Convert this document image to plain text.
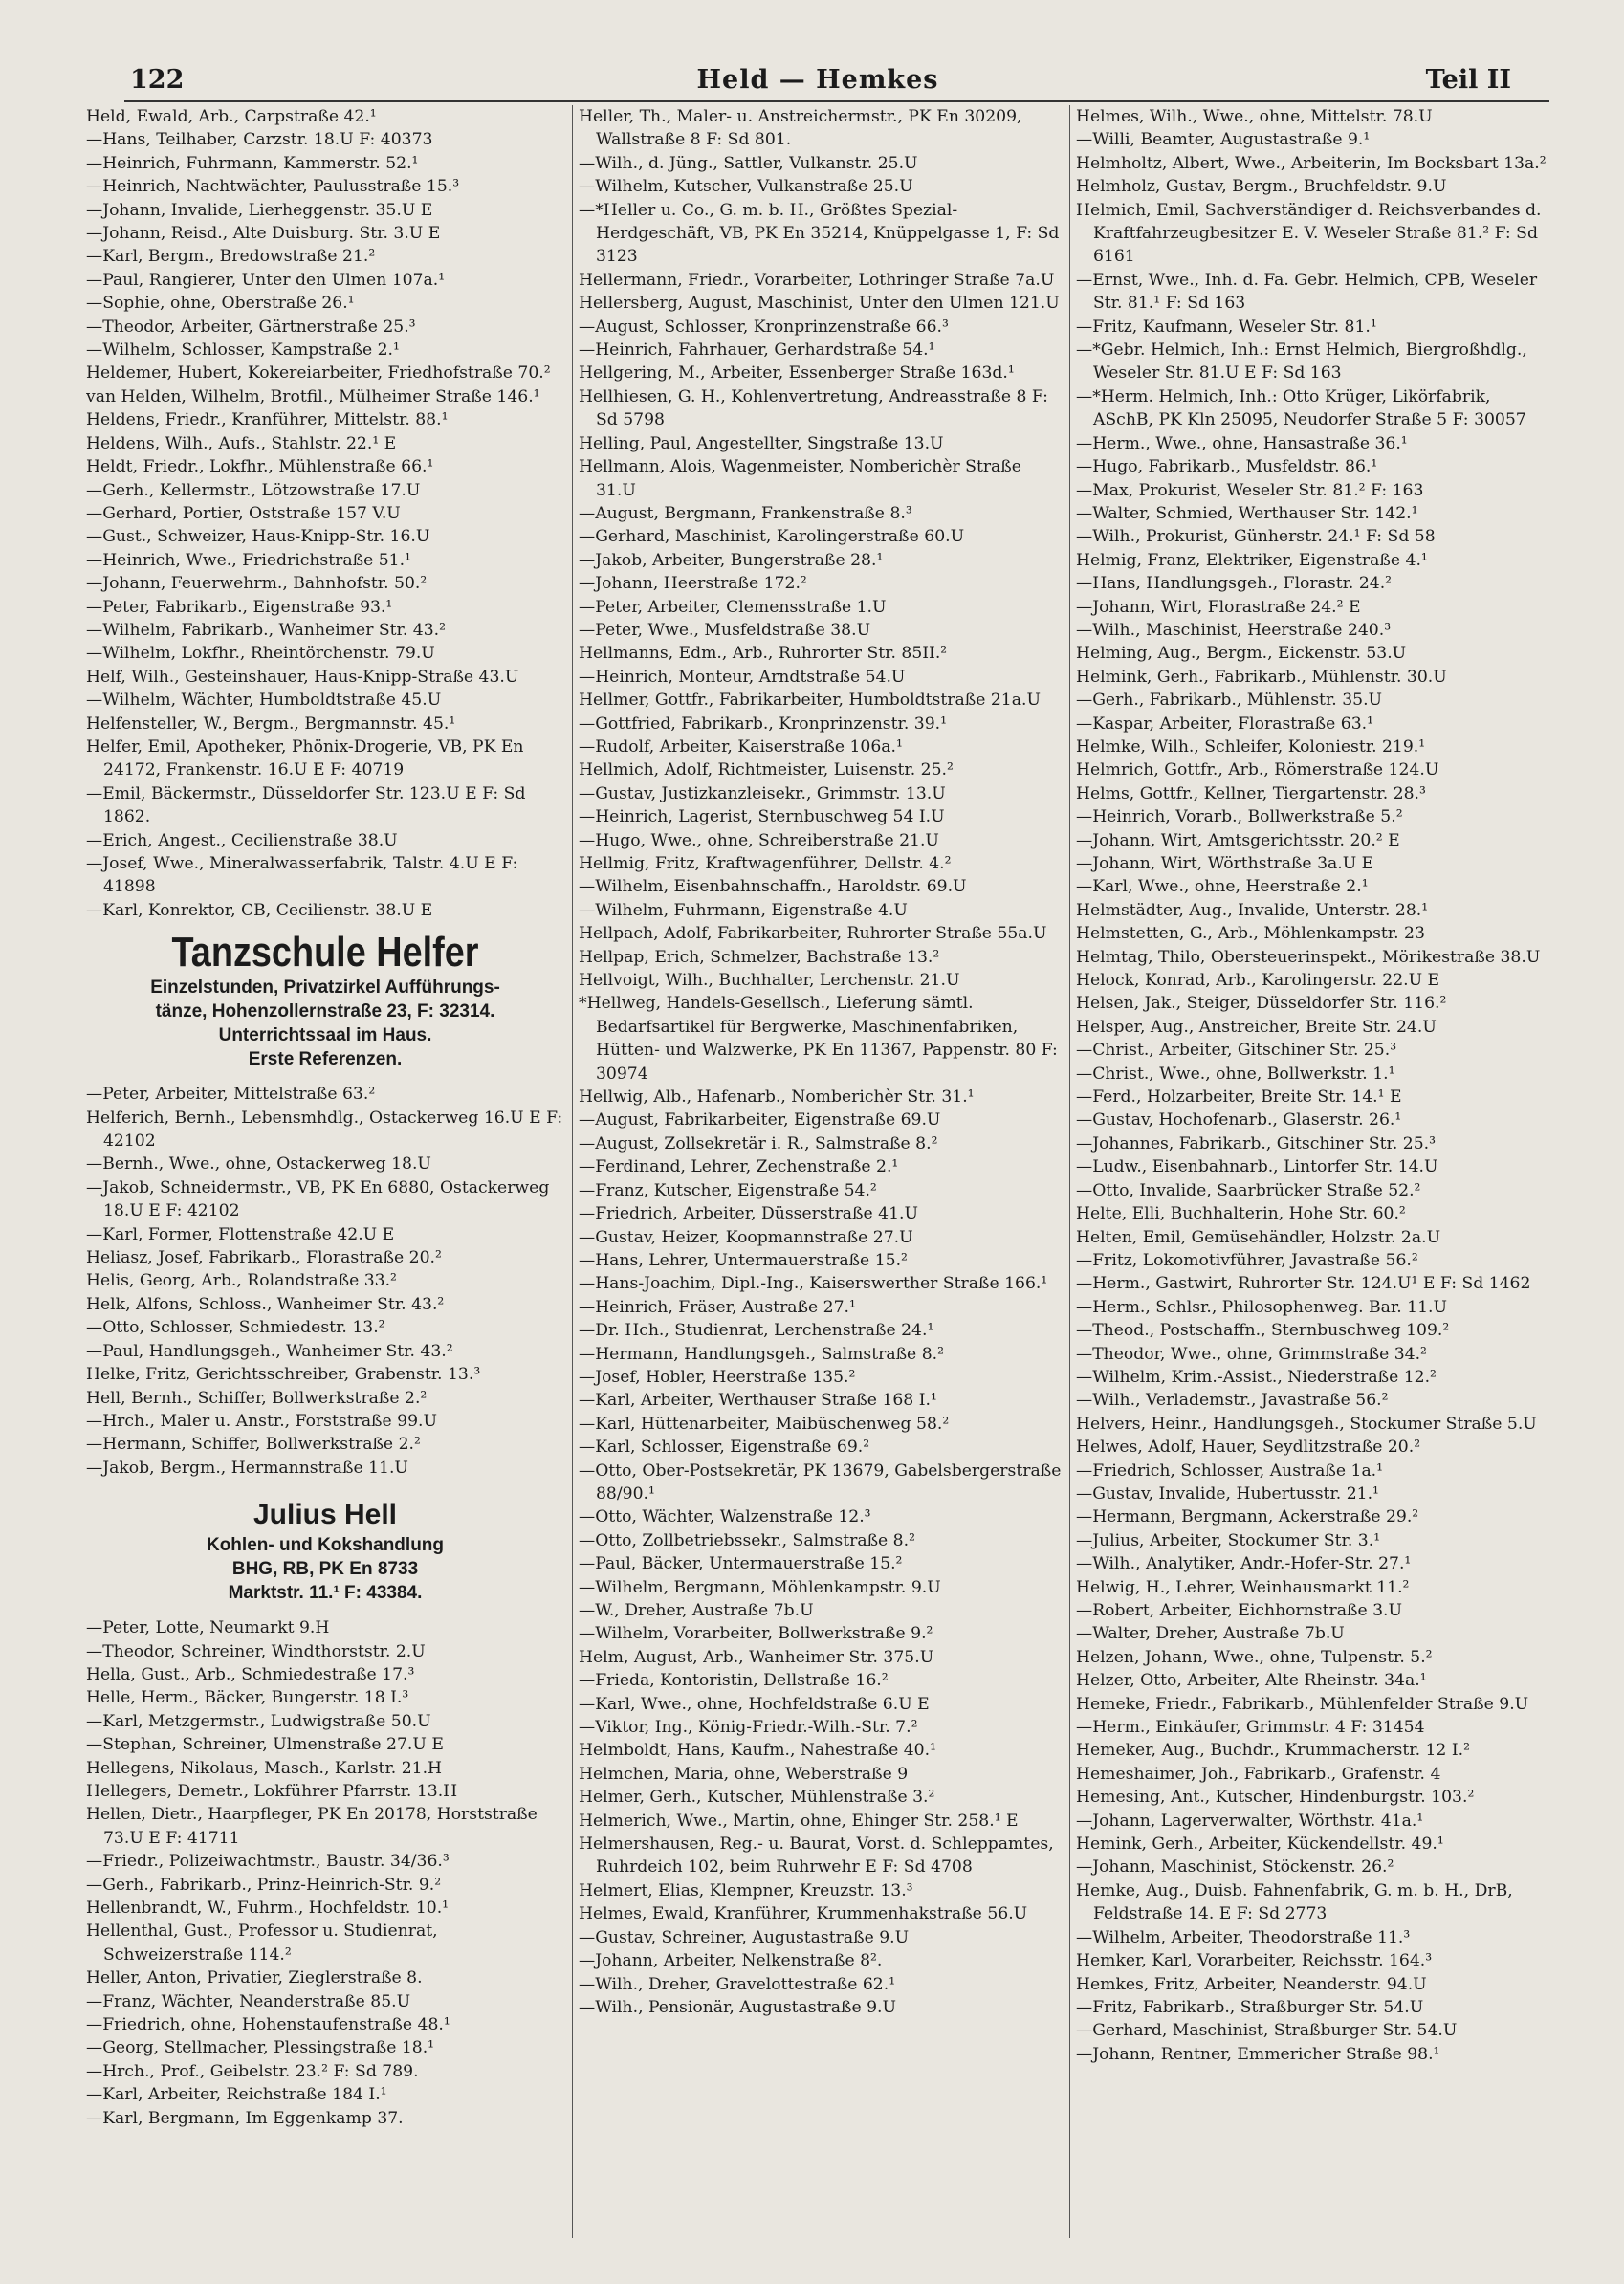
122	Held — Hemkes	Teil II

Held, Ewald, Arb., Carpstraße 42.¹

—Hans, Teilhaber, Carzstr. 18.U F: 40373

—Heinrich, Fuhrmann, Kammerstr. 52.¹

—Heinrich, Nachtwächter, Paulusstraße 15.³

—Johann, Invalide, Lierheggenstr. 35.U E

—Johann, Reisd., Alte Duisburg. Str. 3.U E

—Karl, Bergm., Bredowstraße 21.²

—Paul, Rangierer, Unter den Ulmen 107a.¹

—Sophie, ohne, Oberstraße 26.¹

—Theodor, Arbeiter, Gärtnerstraße 25.³

—Wilhelm, Schlosser, Kampstraße 2.¹

Heldemer, Hubert, Kokereiarbeiter, Friedhofstraße 70.²

van Helden, Wilhelm, Brotfil., Mülheimer Straße 146.¹

Heldens, Friedr., Kranführer, Mittelstr. 88.¹

Heldens, Wilh., Aufs., Stahlstr. 22.¹ E

Heldt, Friedr., Lokfhr., Mühlenstraße 66.¹

—Gerh., Kellermstr., Lötzowstraße 17.U

—Gerhard, Portier, Oststraße 157 V.U

—Gust., Schweizer, Haus-Knipp-Str. 16.U

—Heinrich, Wwe., Friedrichstraße 51.¹

—Johann, Feuerwehrm., Bahnhofstr. 50.²

—Peter, Fabrikarb., Eigenstraße 93.¹

—Wilhelm, Fabrikarb., Wanheimer Str. 43.²

—Wilhelm, Lokfhr., Rheintörchenstr. 79.U

Helf, Wilh., Gesteinshauer, Haus-Knipp-Straße 43.U

—Wilhelm, Wächter, Humboldtstraße 45.U

Helfensteller, W., Bergm., Bergmannstr. 45.¹

Helfer, Emil, Apotheker, Phönix-Drogerie, VB, PK En 24172, Frankenstr. 16.U E F: 40719

—Emil, Bäckermstr., Düsseldorfer Str. 123.U E F: Sd 1862.

—Erich, Angest., Cecilienstraße 38.U

—Josef, Wwe., Mineralwasserfabrik, Talstr. 4.U E F: 41898

—Karl, Konrektor, CB, Cecilienstr. 38.U E

Tanzschule Helfer
Einzelstunden, Privatzirkel Aufführungs-
tänze, Hohenzollernstraße 23, F: 32314.
Unterrichtssaal im Haus.
Erste Referenzen.

—Peter, Arbeiter, Mittelstraße 63.²

Helferich, Bernh., Lebensmhdlg., Ostackerweg 16.U E F: 42102

—Bernh., Wwe., ohne, Ostackerweg 18.U

—Jakob, Schneidermstr., VB, PK En 6880, Ostackerweg 18.U E F: 42102

—Karl, Former, Flottenstraße 42.U E

Heliasz, Josef, Fabrikarb., Florastraße 20.²

Helis, Georg, Arb., Rolandstraße 33.²

Helk, Alfons, Schloss., Wanheimer Str. 43.²

—Otto, Schlosser, Schmiedestr. 13.²

—Paul, Handlungsgeh., Wanheimer Str. 43.²

Helke, Fritz, Gerichtsschreiber, Grabenstr. 13.³

Hell, Bernh., Schiffer, Bollwerkstraße 2.²

—Hrch., Maler u. Anstr., Forststraße 99.U

—Hermann, Schiffer, Bollwerkstraße 2.²

—Jakob, Bergm., Hermannstraße 11.U

Julius Hell
Kohlen- und Kokshandlung
BHG, RB, PK En 8733
Marktstr. 11.¹ F: 43384.

—Peter, Lotte, Neumarkt 9.H

—Theodor, Schreiner, Windthorststr. 2.U

Hella, Gust., Arb., Schmiedestraße 17.³

Helle, Herm., Bäcker, Bungerstr. 18 I.³

—Karl, Metzgermstr., Ludwigstraße 50.U

—Stephan, Schreiner, Ulmenstraße 27.U E

Hellegens, Nikolaus, Masch., Karlstr. 21.H

Hellegers, Demetr., Lokführer Pfarrstr. 13.H

Hellen, Dietr., Haarpfleger, PK En 20178, Horststraße 73.U E F: 41711

—Friedr., Polizeiwachtmstr., Baustr. 34/36.³

—Gerh., Fabrikarb., Prinz-Heinrich-Str. 9.²

Hellenbrandt, W., Fuhrm., Hochfeldstr. 10.¹

Hellenthal, Gust., Professor u. Studienrat, Schweizerstraße 114.²

Heller, Anton, Privatier, Zieglerstraße 8.

—Franz, Wächter, Neanderstraße 85.U

—Friedrich, ohne, Hohenstaufenstraße 48.¹

—Georg, Stellmacher, Plessingstraße 18.¹

—Hrch., Prof., Geibelstr. 23.² F: Sd 789.

—Karl, Arbeiter, Reichstraße 184 I.¹

—Karl, Bergmann, Im Eggenkamp 37.

Heller, Th., Maler- u. Anstreichermstr., PK En 30209, Wallstraße 8 F: Sd 801.

—Wilh., d. Jüng., Sattler, Vulkanstr. 25.U

—Wilhelm, Kutscher, Vulkanstraße 25.U

—*Heller u. Co., G. m. b. H., Größtes Spezial-Herdgeschäft, VB, PK En 35214, Knüppelgasse 1, F: Sd 3123

Hellermann, Friedr., Vorarbeiter, Lothringer Straße 7a.U

Hellersberg, August, Maschinist, Unter den Ulmen 121.U

—August, Schlosser, Kronprinzenstraße 66.³

—Heinrich, Fahrhauer, Gerhardstraße 54.¹

Hellgering, M., Arbeiter, Essenberger Straße 163d.¹

Hellhiesen, G. H., Kohlenvertretung, Andreasstraße 8 F: Sd 5798

Helling, Paul, Angestellter, Singstraße 13.U

Hellmann, Alois, Wagenmeister, Nomberichèr Straße 31.U

—August, Bergmann, Frankenstraße 8.³

—Gerhard, Maschinist, Karolingerstraße 60.U

—Jakob, Arbeiter, Bungerstraße 28.¹

—Johann, Heerstraße 172.²

—Peter, Arbeiter, Clemensstraße 1.U

—Peter, Wwe., Musfeldstraße 38.U

Hellmanns, Edm., Arb., Ruhrorter Str. 85II.²

—Heinrich, Monteur, Arndtstraße 54.U

Hellmer, Gottfr., Fabrikarbeiter, Humboldtstraße 21a.U

—Gottfried, Fabrikarb., Kronprinzenstr. 39.¹

—Rudolf, Arbeiter, Kaiserstraße 106a.¹

Hellmich, Adolf, Richtmeister, Luisenstr. 25.²

—Gustav, Justizkanzleisekr., Grimmstr. 13.U

—Heinrich, Lagerist, Sternbuschweg 54 I.U

—Hugo, Wwe., ohne, Schreiberstraße 21.U

Hellmig, Fritz, Kraftwagenführer, Dellstr. 4.²

—Wilhelm, Eisenbahnschaffn., Haroldstr. 69.U

—Wilhelm, Fuhrmann, Eigenstraße 4.U

Hellpach, Adolf, Fabrikarbeiter, Ruhrorter Straße 55a.U

Hellpap, Erich, Schmelzer, Bachstraße 13.²

Hellvoigt, Wilh., Buchhalter, Lerchenstr. 21.U

*Hellweg, Handels-Gesellsch., Lieferung sämtl. Bedarfsartikel für Bergwerke, Maschinenfabriken, Hütten- und Walzwerke, PK En 11367, Pappenstr. 80 F: 30974

Hellwig, Alb., Hafenarb., Nomberichèr Str. 31.¹

—August, Fabrikarbeiter, Eigenstraße 69.U

—August, Zollsekretär i. R., Salmstraße 8.²

—Ferdinand, Lehrer, Zechenstraße 2.¹

—Franz, Kutscher, Eigenstraße 54.²

—Friedrich, Arbeiter, Düsserstraße 41.U

—Gustav, Heizer, Koopmannstraße 27.U

—Hans, Lehrer, Untermauerstraße 15.²

—Hans-Joachim, Dipl.-Ing., Kaiserswerther Straße 166.¹

—Heinrich, Fräser, Austraße 27.¹

—Dr. Hch., Studienrat, Lerchenstraße 24.¹

—Hermann, Handlungsgeh., Salmstraße 8.²

—Josef, Hobler, Heerstraße 135.²

—Karl, Arbeiter, Werthauser Straße 168 I.¹

—Karl, Hüttenarbeiter, Maibüschenweg 58.²

—Karl, Schlosser, Eigenstraße 69.²

—Otto, Ober-Postsekretär, PK 13679, Gabelsbergerstraße 88/90.¹

—Otto, Wächter, Walzenstraße 12.³

—Otto, Zollbetriebssekr., Salmstraße 8.²

—Paul, Bäcker, Untermauerstraße 15.²

—Wilhelm, Bergmann, Möhlenkampstr. 9.U

—W., Dreher, Austraße 7b.U

—Wilhelm, Vorarbeiter, Bollwerkstraße 9.²

Helm, August, Arb., Wanheimer Str. 375.U

—Frieda, Kontoristin, Dellstraße 16.²

—Karl, Wwe., ohne, Hochfeldstraße 6.U E

—Viktor, Ing., König-Friedr.-Wilh.-Str. 7.²

Helmboldt, Hans, Kaufm., Nahestraße 40.¹

Helmchen, Maria, ohne, Weberstraße 9

Helmer, Gerh., Kutscher, Mühlenstraße 3.²

Helmerich, Wwe., Martin, ohne, Ehinger Str. 258.¹ E

Helmershausen, Reg.- u. Baurat, Vorst. d. Schleppamtes, Ruhrdeich 102, beim Ruhrwehr E F: Sd 4708

Helmert, Elias, Klempner, Kreuzstr. 13.³

Helmes, Ewald, Kranführer, Krummenhakstraße 56.U

—Gustav, Schreiner, Augustastraße 9.U

—Johann, Arbeiter, Nelkenstraße 8².

—Wilh., Dreher, Gravelottestraße 62.¹

—Wilh., Pensionär, Augustastraße 9.U

Helmes, Wilh., Wwe., ohne, Mittelstr. 78.U

—Willi, Beamter, Augustastraße 9.¹

Helmholtz, Albert, Wwe., Arbeiterin, Im Bocksbart 13a.²

Helmholz, Gustav, Bergm., Bruchfeldstr. 9.U

Helmich, Emil, Sachverständiger d. Reichsverbandes d. Kraftfahrzeugbesitzer E. V. Weseler Straße 81.² F: Sd 6161

—Ernst, Wwe., Inh. d. Fa. Gebr. Helmich, CPB, Weseler Str. 81.¹ F: Sd 163

—Fritz, Kaufmann, Weseler Str. 81.¹

—*Gebr. Helmich, Inh.: Ernst Helmich, Biergroßhdlg., Weseler Str. 81.U E F: Sd 163

—*Herm. Helmich, Inh.: Otto Krüger, Likörfabrik, ASchB, PK Kln 25095, Neudorfer Straße 5 F: 30057

—Herm., Wwe., ohne, Hansastraße 36.¹

—Hugo, Fabrikarb., Musfeldstr. 86.¹

—Max, Prokurist, Weseler Str. 81.² F: 163

—Walter, Schmied, Werthauser Str. 142.¹

—Wilh., Prokurist, Günherstr. 24.¹ F: Sd 58

Helmig, Franz, Elektriker, Eigenstraße 4.¹

—Hans, Handlungsgeh., Florastr. 24.²

—Johann, Wirt, Florastraße 24.² E

—Wilh., Maschinist, Heerstraße 240.³

Helming, Aug., Bergm., Eickenstr. 53.U

Helmink, Gerh., Fabrikarb., Mühlenstr. 30.U

—Gerh., Fabrikarb., Mühlenstr. 35.U

—Kaspar, Arbeiter, Florastraße 63.¹

Helmke, Wilh., Schleifer, Koloniestr. 219.¹

Helmrich, Gottfr., Arb., Römerstraße 124.U

Helms, Gottfr., Kellner, Tiergartenstr. 28.³

—Heinrich, Vorarb., Bollwerkstraße 5.²

—Johann, Wirt, Amtsgerichtsstr. 20.² E

—Johann, Wirt, Wörthstraße 3a.U E

—Karl, Wwe., ohne, Heerstraße 2.¹

Helmstädter, Aug., Invalide, Unterstr. 28.¹

Helmstetten, G., Arb., Möhlenkampstr. 23

Helmtag, Thilo, Obersteuerinspekt., Mörikestraße 38.U

Helock, Konrad, Arb., Karolingerstr. 22.U E

Helsen, Jak., Steiger, Düsseldorfer Str. 116.²

Helsper, Aug., Anstreicher, Breite Str. 24.U

—Christ., Arbeiter, Gitschiner Str. 25.³

—Christ., Wwe., ohne, Bollwerkstr. 1.¹

—Ferd., Holzarbeiter, Breite Str. 14.¹ E

—Gustav, Hochofenarb., Glaserstr. 26.¹

—Johannes, Fabrikarb., Gitschiner Str. 25.³

—Ludw., Eisenbahnarb., Lintorfer Str. 14.U

—Otto, Invalide, Saarbrücker Straße 52.²

Helte, Elli, Buchhalterin, Hohe Str. 60.²

Helten, Emil, Gemüsehändler, Holzstr. 2a.U

—Fritz, Lokomotivführer, Javastraße 56.²

—Herm., Gastwirt, Ruhrorter Str. 124.U¹ E F: Sd 1462

—Herm., Schlsr., Philosophenweg. Bar. 11.U

—Theod., Postschaffn., Sternbuschweg 109.²

—Theodor, Wwe., ohne, Grimmstraße 34.²

—Wilhelm, Krim.-Assist., Niederstraße 12.²

—Wilh., Verlademstr., Javastraße 56.²

Helvers, Heinr., Handlungsgeh., Stockumer Straße 5.U

Helwes, Adolf, Hauer, Seydlitzstraße 20.²

—Friedrich, Schlosser, Austraße 1a.¹

—Gustav, Invalide, Hubertusstr. 21.¹

—Hermann, Bergmann, Ackerstraße 29.²

—Julius, Arbeiter, Stockumer Str. 3.¹

—Wilh., Analytiker, Andr.-Hofer-Str. 27.¹

Helwig, H., Lehrer, Weinhausmarkt 11.²

—Robert, Arbeiter, Eichhornstraße 3.U

—Walter, Dreher, Austraße 7b.U

Helzen, Johann, Wwe., ohne, Tulpenstr. 5.²

Helzer, Otto, Arbeiter, Alte Rheinstr. 34a.¹

Hemeke, Friedr., Fabrikarb., Mühlenfelder Straße 9.U

—Herm., Einkäufer, Grimmstr. 4 F: 31454

Hemeker, Aug., Buchdr., Krummacherstr. 12 I.²

Hemeshaimer, Joh., Fabrikarb., Grafenstr. 4

Hemesing, Ant., Kutscher, Hindenburgstr. 103.²

—Johann, Lagerverwalter, Wörthstr. 41a.¹

Hemink, Gerh., Arbeiter, Kückendellstr. 49.¹

—Johann, Maschinist, Stöckenstr. 26.²

Hemke, Aug., Duisb. Fahnenfabrik, G. m. b. H., DrB, Feldstraße 14. E F: Sd 2773

—Wilhelm, Arbeiter, Theodorstraße 11.³

Hemker, Karl, Vorarbeiter, Reichsstr. 164.³

Hemkes, Fritz, Arbeiter, Neanderstr. 94.U

—Fritz, Fabrikarb., Straßburger Str. 54.U

—Gerhard, Maschinist, Straßburger Str. 54.U

—Johann, Rentner, Emmericher Straße 98.¹
